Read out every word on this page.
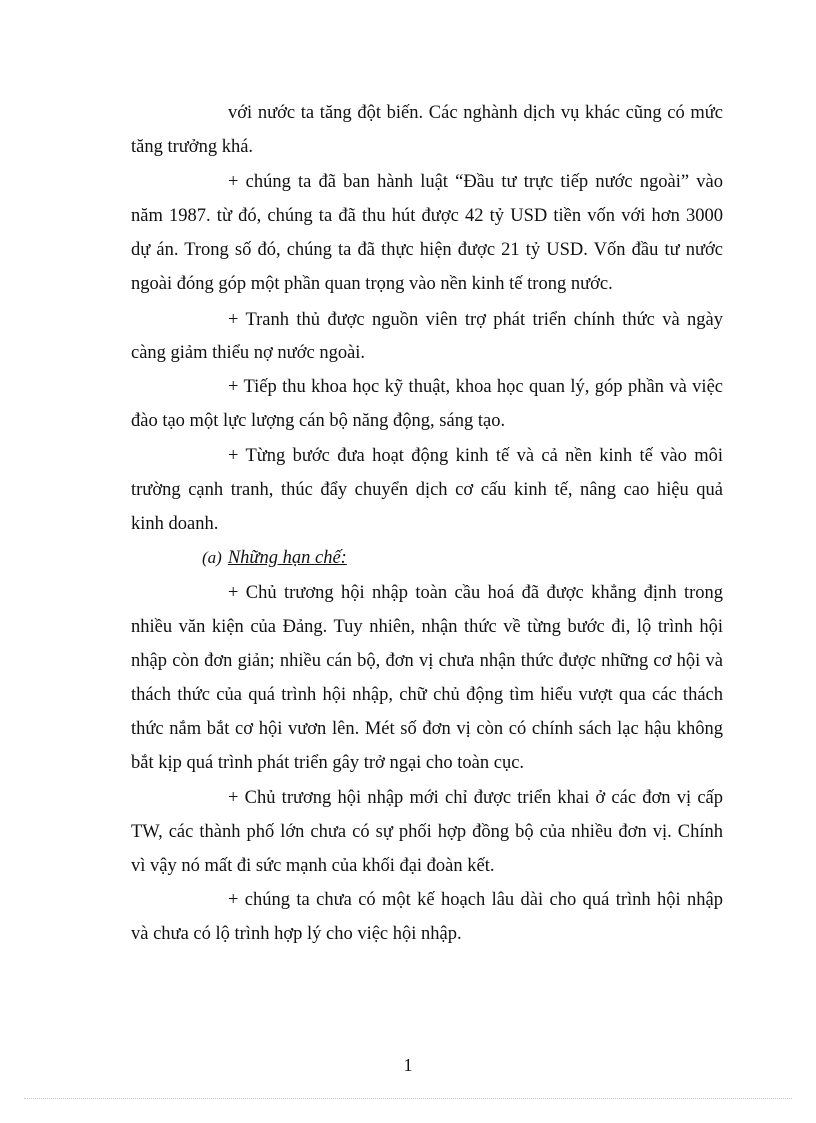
với nước ta tăng đột biến. Các nghành dịch vụ khác cũng có mức
tăng trưởng khá.
+ chúng ta đã ban hành luật “Đầu tư trực tiếp nước ngoài” vào
năm 1987. từ đó, chúng ta đã thu hút được 42 tỷ USD tiền vốn với hơn 3000
dự án. Trong số đó, chúng ta đã thực hiện được 21 tỷ USD. Vốn đầu tư nước
ngoài đóng góp một phần quan trọng vào nền kinh tế trong nước.
+ Tranh thủ được nguồn viên trợ phát triển chính thức và ngày
càng giảm thiểu nợ nước ngoài.
+ Tiếp thu khoa học kỹ thuật, khoa học quan lý, góp phần và việc
đào tạo một lực lượng cán bộ năng động, sáng tạo.
+ Từng bước đưa hoạt động kinh tế và cả nền kinh tế vào môi
trường cạnh tranh, thúc đẩy chuyển dịch cơ cấu kinh tế, nâng cao hiệu quả
kinh doanh.
(a) Những hạn chế:
+ Chủ trương hội nhập toàn cầu hoá đã được khẳng định trong
nhiều văn kiện của Đảng. Tuy nhiên, nhận thức về từng bước đi, lộ trình hội
nhập còn đơn giản; nhiều cán bộ, đơn vị chưa nhận thức được những cơ hội và
thách thức của quá trình hội nhập, chữ chủ động tìm hiểu vượt qua các thách
thức nắm bắt cơ hội vươn lên. Mét số đơn vị còn có chính sách lạc hậu không
bắt kịp quá trình phát triển gây trở ngại cho toàn cục.
+ Chủ trương hội nhập mới chỉ được triển khai ở các đơn vị cấp
TW, các thành phố lớn chưa có sự phối hợp đồng bộ của nhiều đơn vị. Chính
vì vậy nó mất đi sức mạnh của khối đại đoàn kết.
+ chúng ta chưa có một kế hoạch lâu dài cho quá trình hội nhập
và chưa có lộ trình hợp lý cho việc hội nhập.
1
